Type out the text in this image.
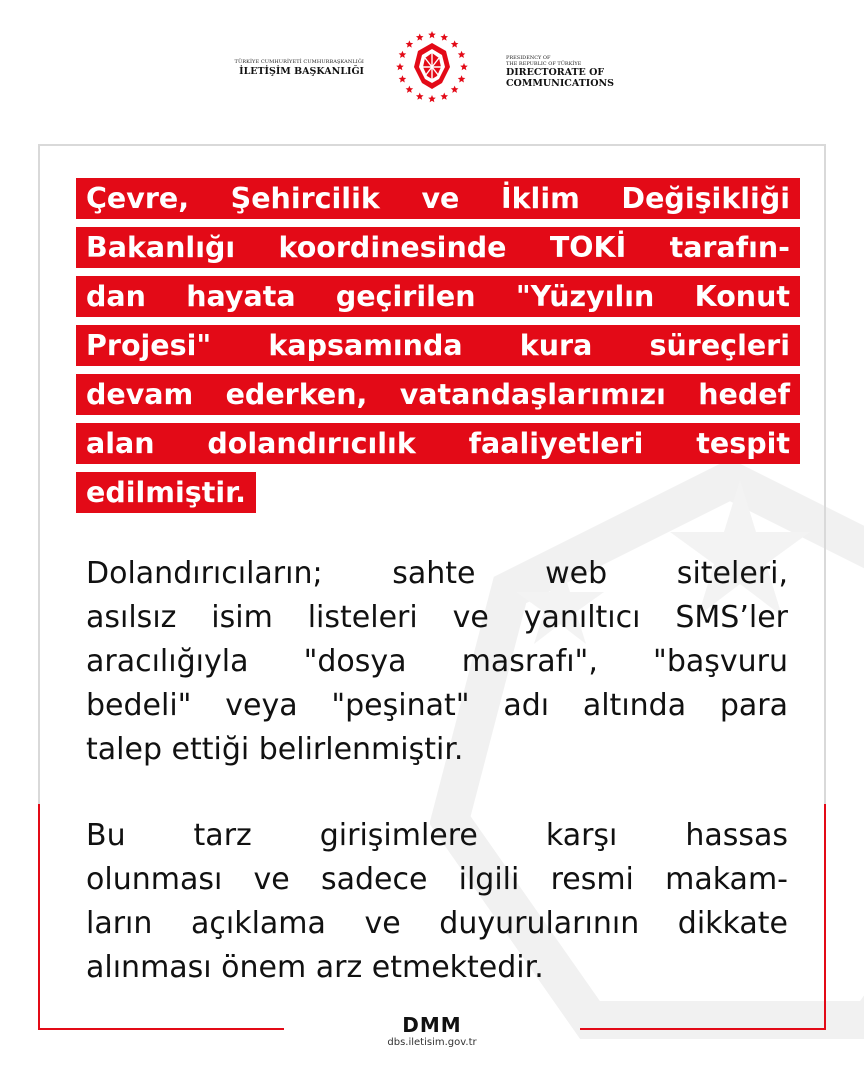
TÜRKİYE CUMHURİYETİ CUMHURBAŞKANLIĞI
İLETİŞİM BAŞKANLIĞI
PRESIDENCY OF
THE REPUBLIC OF TÜRKİYE
DIRECTORATE OF
COMMUNICATIONS
Çevre, Şehircilik ve İklim Değişikliği
Bakanlığı koordinesinde TOKİ tarafın-
dan hayata geçirilen "Yüzyılın Konut
Projesi" kapsamında kura süreçleri
devam ederken, vatandaşlarımızı hedef
alan dolandırıcılık faaliyetleri tespit
edilmiştir.
Dolandırıcıların; sahte web siteleri,
asılsız isim listeleri ve yanıltıcı SMS’ler
aracılığıyla "dosya masrafı", "başvuru
bedeli" veya "peşinat" adı altında para
talep ettiği belirlenmiştir.
Bu tarz girişimlere karşı hassas
olunması ve sadece ilgili resmi makam-
ların açıklama ve duyurularının dikkate
alınması önem arz etmektedir.
DMM
dbs.iletisim.gov.tr
